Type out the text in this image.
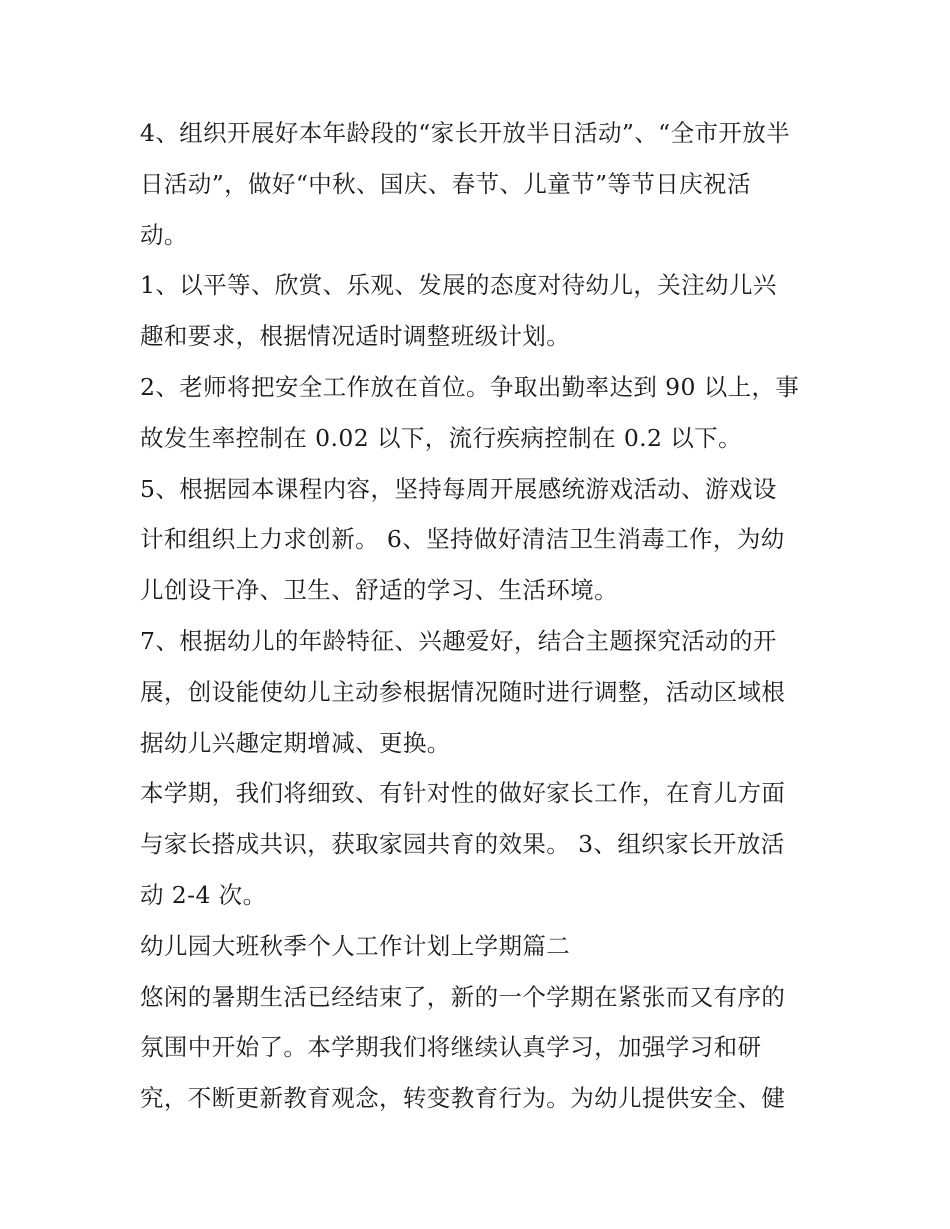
4、组织开展好本年龄段的“家长开放半日活动”、“全市开放半
日活动”，做好“中秋、国庆、春节、儿童节”等节日庆祝活
动。
1、以平等、欣赏、乐观、发展的态度对待幼儿，关注幼儿兴
趣和要求，根据情况适时调整班级计划。
2、老师将把安全工作放在首位。争取出勤率达到 90 以上，事
故发生率控制在 0.02 以下，流行疾病控制在 0.2 以下。
5、根据园本课程内容，坚持每周开展感统游戏活动、游戏设
计和组织上力求创新。 6、坚持做好清洁卫生消毒工作，为幼
儿创设干净、卫生、舒适的学习、生活环境。
7、根据幼儿的年龄特征、兴趣爱好，结合主题探究活动的开
展，创设能使幼儿主动参根据情况随时进行调整，活动区域根
据幼儿兴趣定期增减、更换。
本学期，我们将细致、有针对性的做好家长工作，在育儿方面
与家长搭成共识，获取家园共育的效果。 3、组织家长开放活
动 2-4 次。
幼儿园大班秋季个人工作计划上学期篇二
悠闲的暑期生活已经结束了，新的一个学期在紧张而又有序的
氛围中开始了。本学期我们将继续认真学习，加强学习和研
究，不断更新教育观念，转变教育行为。为幼儿提供安全、健
